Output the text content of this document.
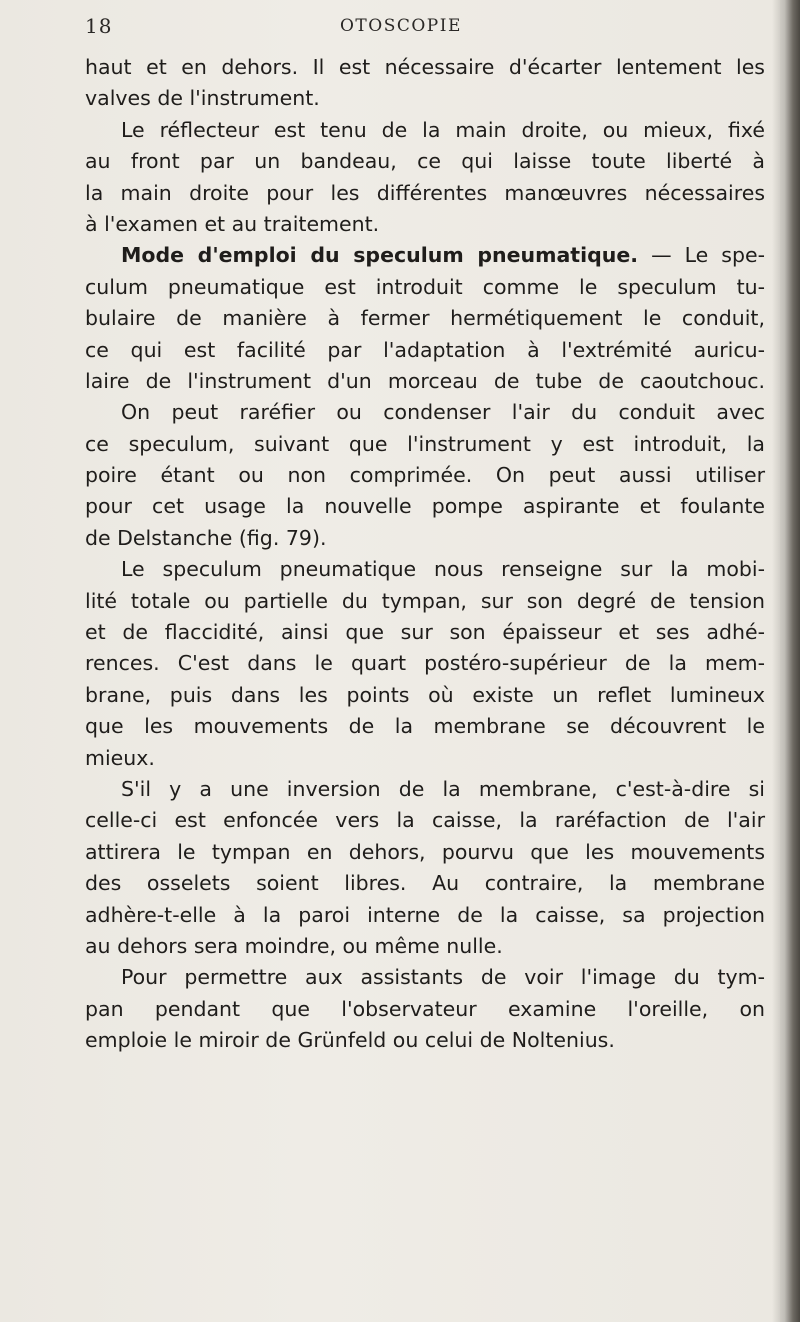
18	OTOSCOPIE
haut et en dehors. Il est nécessaire d'écarter lentement les
valves de l'instrument.
Le réflecteur est tenu de la main droite, ou mieux, fixé
au front par un bandeau, ce qui laisse toute liberté à
la main droite pour les différentes manœuvres nécessaires
à l'examen et au traitement.
Mode d'emploi du speculum pneumatique. — Le spe-
culum pneumatique est introduit comme le speculum tu-
bulaire de manière à fermer hermétiquement le conduit,
ce qui est facilité par l'adaptation à l'extrémité auricu-
laire de l'instrument d'un morceau de tube de caoutchouc.
On peut raréfier ou condenser l'air du conduit avec
ce speculum, suivant que l'instrument y est introduit, la
poire étant ou non comprimée. On peut aussi utiliser
pour cet usage la nouvelle pompe aspirante et foulante
de Delstanche (fig. 79).
Le speculum pneumatique nous renseigne sur la mobi-
lité totale ou partielle du tympan, sur son degré de tension
et de flaccidité, ainsi que sur son épaisseur et ses adhé-
rences. C'est dans le quart postéro-supérieur de la mem-
brane, puis dans les points où existe un reflet lumineux
que les mouvements de la membrane se découvrent le
mieux.
S'il y a une inversion de la membrane, c'est-à-dire si
celle-ci est enfoncée vers la caisse, la raréfaction de l'air
attirera le tympan en dehors, pourvu que les mouvements
des osselets soient libres. Au contraire, la membrane
adhère-t-elle à la paroi interne de la caisse, sa projection
au dehors sera moindre, ou même nulle.
Pour permettre aux assistants de voir l'image du tym-
pan pendant que l'observateur examine l'oreille, on
emploie le miroir de Grünfeld ou celui de Noltenius.
